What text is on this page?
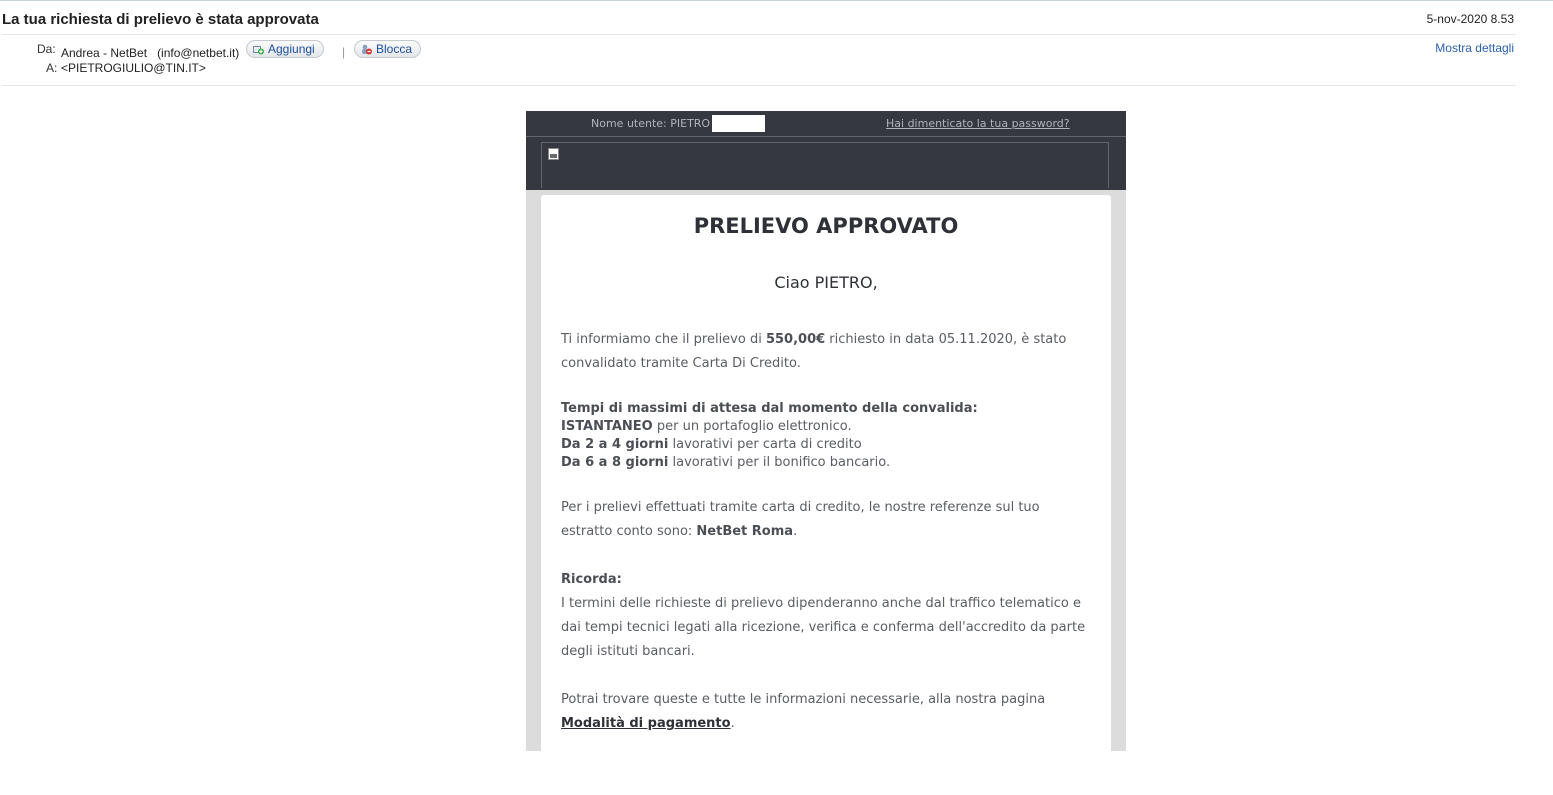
La tua richiesta di prelievo è stata approvata	5-nov-2020 8.53
Da: Andrea - NetBet (info@netbet.it) Aggiungi |	Blocca
A: <PIETROGIULIO@TIN.IT>
Mostra dettagli
Nome utente: PIETRO	Hai dimenticato la tua password?
PRELIEVO APPROVATO
Ciao PIETRO,
Ti informiamo che il prelievo di 550,00€ richiesto in data 05.11.2020, è stato convalidato tramite Carta Di Credito.
Tempi di massimi di attesa dal momento della convalida:
ISTANTANEO per un portafoglio elettronico.
Da 2 a 4 giorni lavorativi per carta di credito
Da 6 a 8 giorni lavorativi per il bonifico bancario.
Per i prelievi effettuati tramite carta di credito, le nostre referenze sul tuo estratto conto sono: NetBet Roma.
Ricorda:
I termini delle richieste di prelievo dipenderanno anche dal traffico telematico e dai tempi tecnici legati alla ricezione, verifica e conferma dell'accredito da parte degli istituti bancari.
Potrai trovare queste e tutte le informazioni necessarie, alla nostra pagina Modalità di pagamento.
